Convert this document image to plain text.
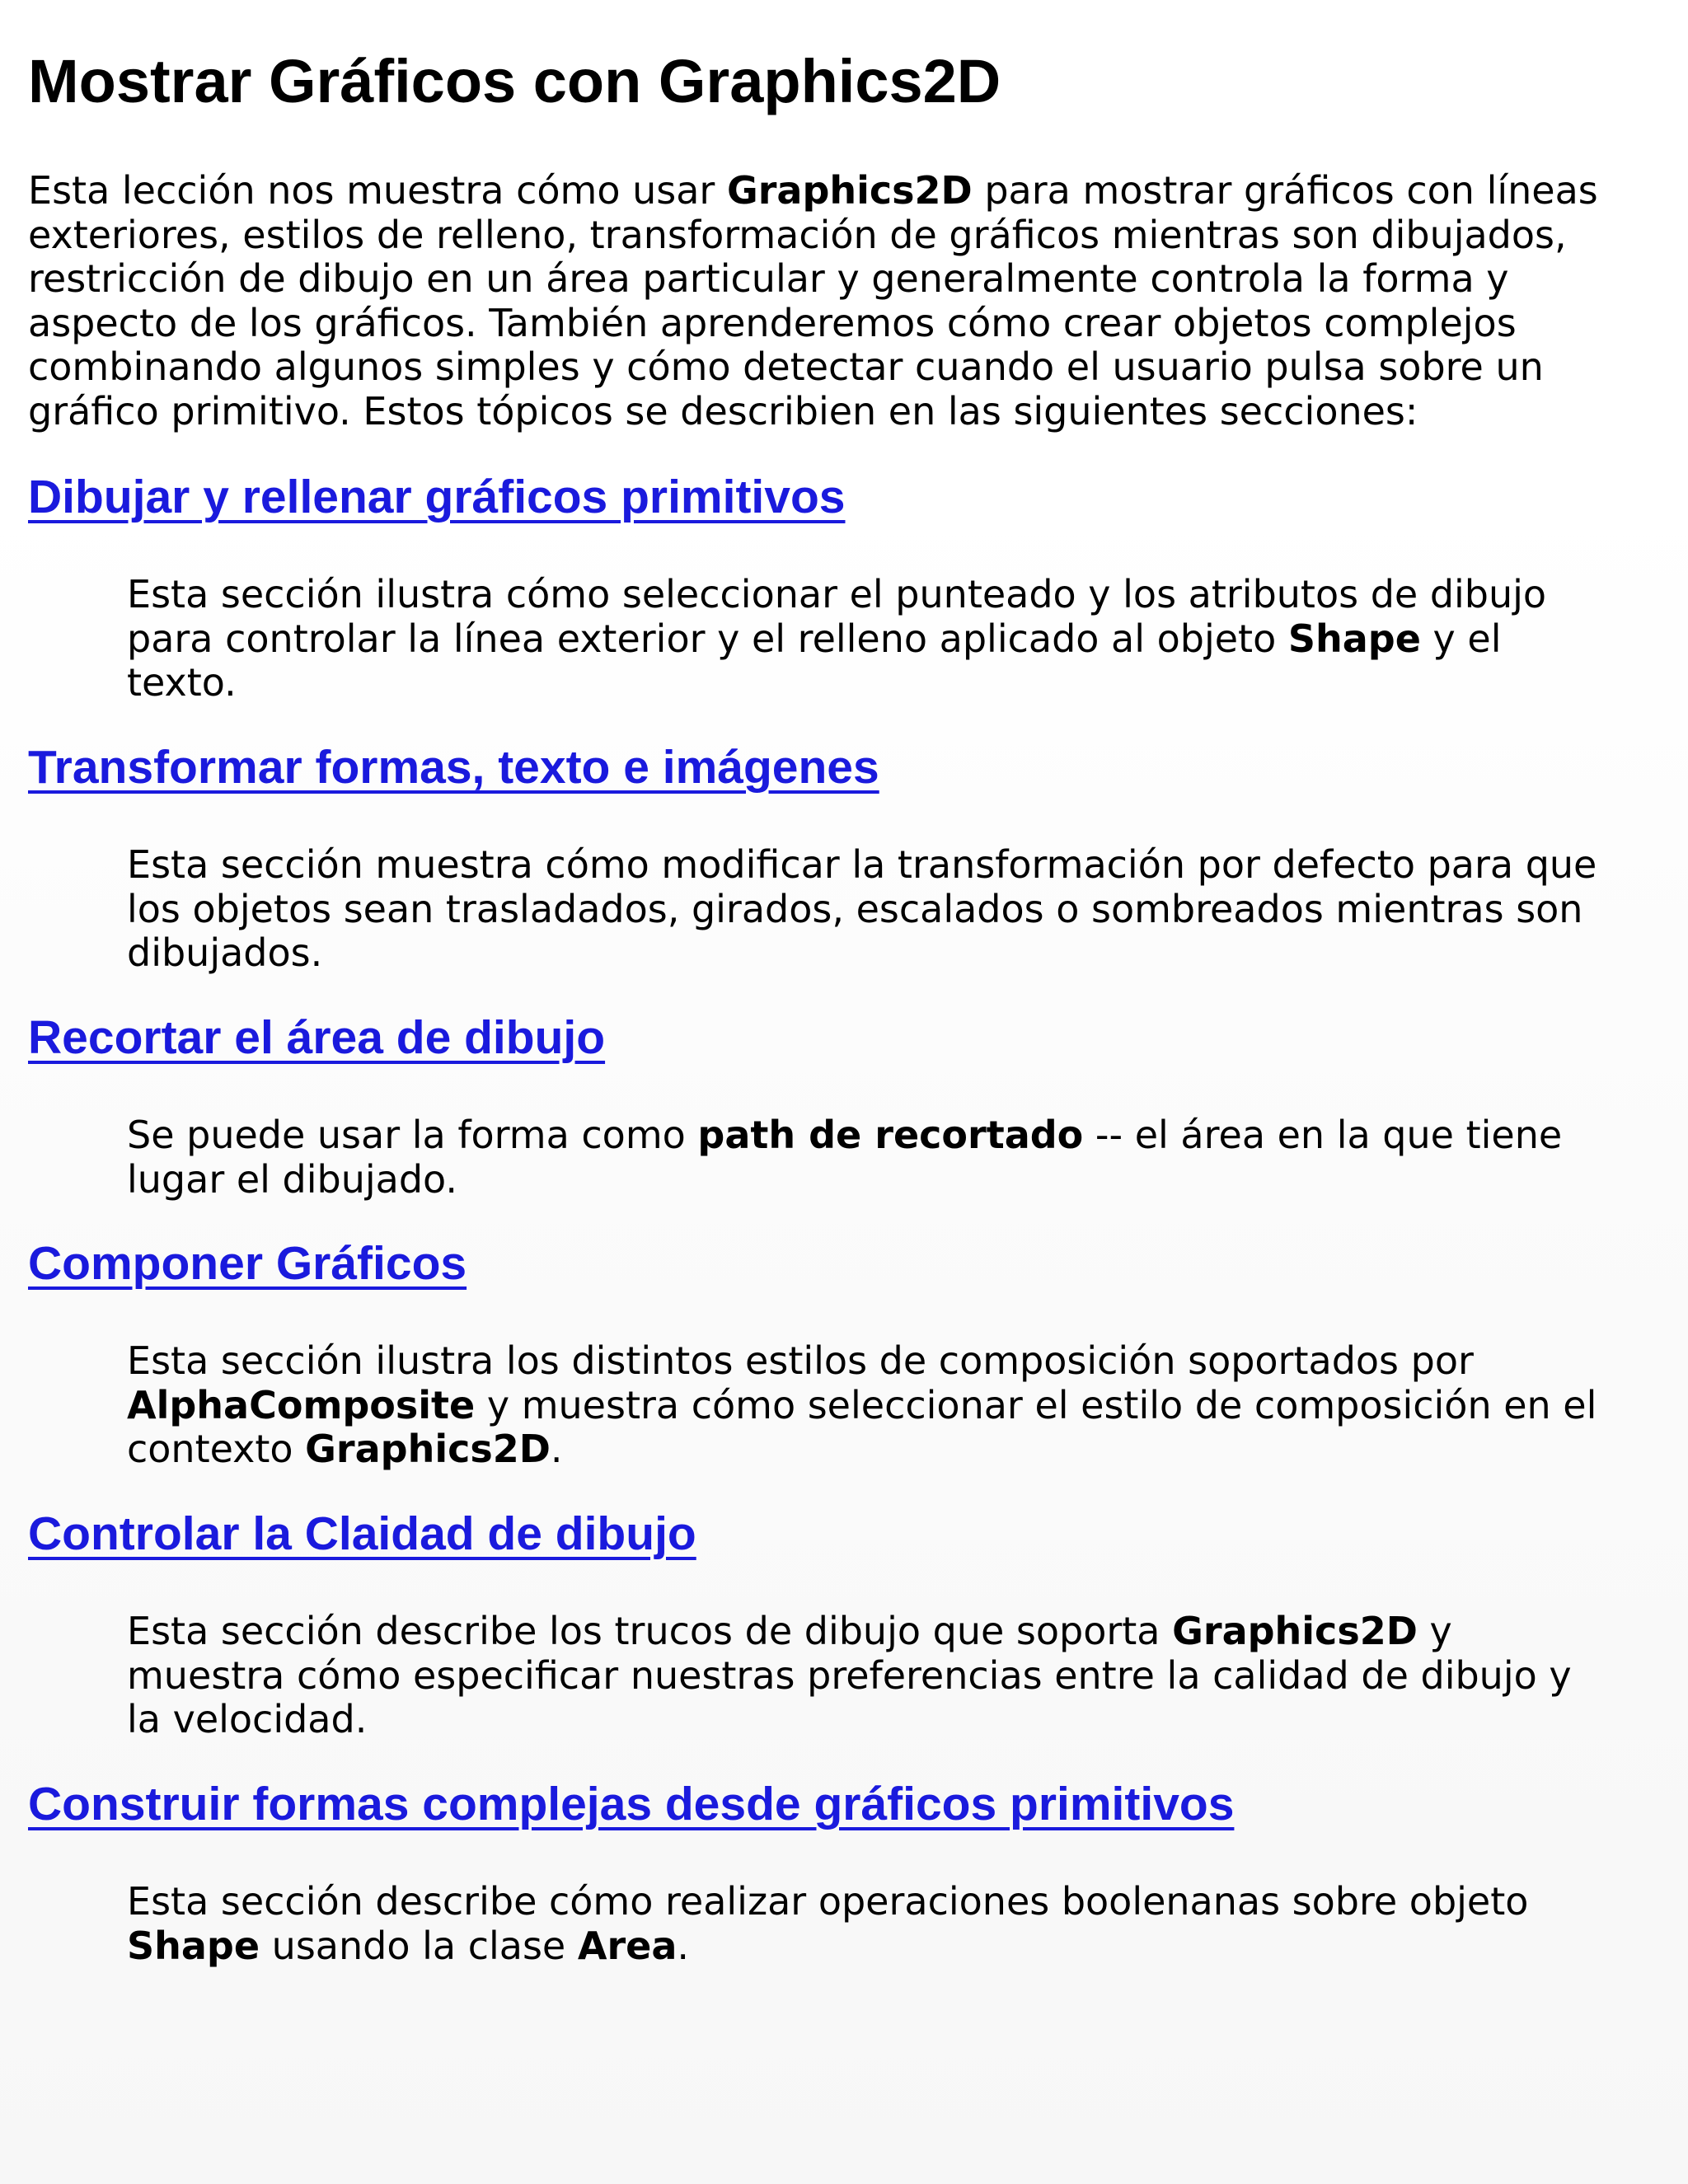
Mostrar Gráficos con Graphics2D

Esta lección nos muestra cómo usar Graphics2D para mostrar gráficos con líneas exteriores, estilos de relleno, transformación de gráficos mientras son dibujados, restricción de dibujo en un área particular y generalmente controla la forma y aspecto de los gráficos. También aprenderemos cómo crear objetos complejos combinando algunos simples y cómo detectar cuando el usuario pulsa sobre un gráfico primitivo. Estos tópicos se describien en las siguientes secciones:

Dibujar y rellenar gráficos primitivos

Esta sección ilustra cómo seleccionar el punteado y los atributos de dibujo para controlar la línea exterior y el relleno aplicado al objeto Shape y el texto.

Transformar formas, texto e imágenes

Esta sección muestra cómo modificar la transformación por defecto para que los objetos sean trasladados, girados, escalados o sombreados mientras son dibujados.

Recortar el área de dibujo

Se puede usar la forma como path de recortado -- el área en la que tiene lugar el dibujado.

Componer Gráficos

Esta sección ilustra los distintos estilos de composición soportados por AlphaComposite y muestra cómo seleccionar el estilo de composición en el contexto Graphics2D.

Controlar la Claidad de dibujo

Esta sección describe los trucos de dibujo que soporta Graphics2D y muestra cómo especificar nuestras preferencias entre la calidad de dibujo y la velocidad.

Construir formas complejas desde gráficos primitivos

Esta sección describe cómo realizar operaciones boolenanas sobre objeto Shape usando la clase Area.
